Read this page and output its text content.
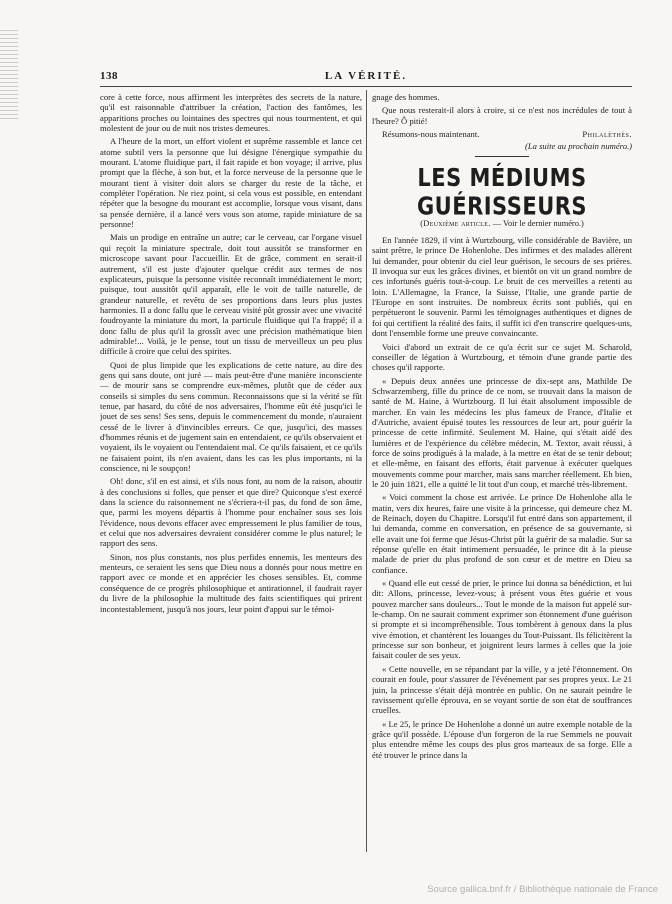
138	LA VÉRITÉ.

core à cette force, nous affirment les interprètes des secrets de la nature, qu'il est raisonnable d'attribuer la création, l'action des fantômes, les apparitions proches ou lointaines des spectres qui nous tourmentent, et qui molestent de jour ou de nuit nos tristes demeures.

A l'heure de la mort, un effort violent et suprême rassemble et lance cet atome subtil vers la personne que lui désigne l'énergique sympathie du mourant. L'atome fluidique part, il fait rapide et bon voyage; il arrive, plus prompt que la flèche, à son but, et la force nerveuse de la personne que le mourant tient à visiter doit alors se charger du reste de la tâche, et compléter l'opération. Ne riez point, si cela vous est possible, en entendant répéter que la besogne du mourant est accomplie, lorsque vous visant, dans sa pensée dernière, il a lancé vers vous son atome, rapide miniature de sa personne!

Mais un prodige en entraîne un autre; car le cerveau, car l'organe visuel qui reçoit la miniature spectrale, doit tout aussitôt se transformer en microscope savant pour l'accueillir. Et de grâce, comment en serait-il autrement, s'il est juste d'ajouter quelque crédit aux termes de nos explicateurs, puisque la personne visitée reconnaît immédiatement le mort; puisque, tout aussitôt qu'il apparaît, elle le voit de taille naturelle, de grandeur naturelle, et revêtu de ses proportions dans leurs plus justes harmonies. Il a donc fallu que le cerveau visité pût grossir avec une vivacité foudroyante la miniature du mort, la particule fluidique qui l'a frappé; il a donc fallu de plus qu'il la grossît avec une précision mathématique bien admirable!... Voilà, je le pense, tout un tissu de merveilleux un peu plus difficile à croire que celui des spirites.

Quoi de plus limpide que les explications de cette nature, au dire des gens qui sans doute, ont juré — mais peut-être d'une manière inconsciente — de mourir sans se comprendre eux-mêmes, plutôt que de céder aux conseils si simples du sens commun. Reconnaissons que si la vérité se fût tenue, par hasard, du côté de nos adversaires, l'homme eût été jusqu'ici le jouet de ses sens! Ses sens, depuis le commencement du monde, n'auraient cessé de le livrer à d'invincibles erreurs. Ce que, jusqu'ici, des masses d'hommes réunis et de jugement sain en entendaient, ce qu'ils observaient et voyaient, ils le voyaient ou l'entendaient mal. Ce qu'ils faisaient, et ce qu'ils ne faisaient point, ils n'en avaient, dans les cas les plus importants, ni la conscience, ni le soupçon!

Oh! donc, s'il en est ainsi, et s'ils nous font, au nom de la raison, aboutir à des conclusions si folles, que penser et que dire? Quiconque s'est exercé dans la science du raisonnement ne s'écriera-t-il pas, du fond de son âme, que, parmi les moyens départis à l'homme pour enchaîner sous ses lois l'évidence, nous devons effacer avec empressement le plus familier de tous, et celui que nos adversaires devraient considérer comme le plus naturel; le rapport des sens.

Sinon, nos plus constants, nos plus perfides ennemis, les menteurs des menteurs, ce seraient les sens que Dieu nous a donnés pour nous mettre en rapport avec ce monde et en apprécier les choses sensibles. Et, comme conséquence de ce progrès philosophique et antirationnel, il faudrait rayer du livre de la philosophie la multitude des faits scientifiques qui prirent incontestablement, jusqu'à nos jours, leur point d'appui sur le témoi-

gnage des hommes.

Que nous resterait-il alors à croire, si ce n'est nos incrédules de tout à l'heure? Ô pitié!

Résumons-nous maintenant.	Philalèthès.
(La suite au prochain numéro.)
LES MÉDIUMS GUÉRISSEURS
(Deuxième article. — Voir le dernier numéro.)

En l'année 1829, il vint à Wurtzbourg, ville considérable de Bavière, un saint prêtre, le prince De Hohenlohe. Des infirmes et des malades allèrent lui demander, pour obtenir du ciel leur guérison, le secours de ses prières. Il invoqua sur eux les grâces divines, et bientôt on vit un grand nombre de ces infortunés guéris tout-à-coup. Le bruit de ces merveilles a retenti au loin. L'Allemagne, la France, la Suisse, l'Italie, une grande partie de l'Europe en sont instruites. De nombreux écrits sont publiés, qui en perpétueront le souvenir. Parmi les témoignages authentiques et dignes de foi qui certifient la réalité des faits, il suffit ici d'en transcrire quelques-uns, dont l'ensemble forme une preuve convaincante.

Voici d'abord un extrait de ce qu'a écrit sur ce sujet M. Scharold, conseiller de légation à Wurtzbourg, et témoin d'une grande partie des choses qu'il rapporte.

« Depuis deux années une princesse de dix-sept ans, Mathilde De Schwarzemberg, fille du prince de ce nom, se trouvait dans la maison de santé de M. Haine, à Wurtzbourg. Il lui était absolument impossible de marcher. En vain les médecins les plus fameux de France, d'Italie et d'Autriche, avaient épuisé toutes les ressources de leur art, pour guérir la princesse de cette infirmité. Seulement M. Haine, qui s'était aidé des lumières et de l'expérience du célèbre médecin, M. Textor, avait réussi, à force de soins prodigués à la malade, à la mettre en état de se tenir debout; et elle-même, en faisant des efforts, était parvenue à exécuter quelques mouvements comme pour marcher, mais sans marcher réellement. Eh bien, le 20 juin 1821, elle a quitté le lit tout d'un coup, et marché très-librement.

« Voici comment la chose est arrivée. Le prince De Hohenlohe alla le matin, vers dix heures, faire une visite à la princesse, qui demeure chez M. de Reinach, doyen du Chapitre. Lorsqu'il fut entré dans son appartement, il lui demanda, comme en conversation, en présence de sa gouvernante, si elle avait une foi ferme que Jésus-Christ pût la guérir de sa maladie. Sur sa réponse qu'elle en était intimement persuadée, le prince dit à la pieuse malade de prier du plus profond de son cœur et de mettre en Dieu sa confiance.

« Quand elle eut cessé de prier, le prince lui donna sa bénédiction, et lui dit: Allons, princesse, levez-vous; à présent vous êtes guérie et vous pouvez marcher sans douleurs... Tout le monde de la maison fut appelé sur-le-champ. On ne saurait comment exprimer son étonnement d'une guérison si prompte et si incompréhensible. Tous tombèrent à genoux dans la plus vive émotion, et chantèrent les louanges du Tout-Puissant. Ils félicitèrent la princesse sur son bonheur, et joignirent leurs larmes à celles que la joie faisait couler de ses yeux.

« Cette nouvelle, en se répandant par la ville, y a jeté l'étonnement. On courait en foule, pour s'assurer de l'événement par ses propres yeux. Le 21 juin, la princesse s'était déjà montrée en public. On ne saurait peindre le ravissement qu'elle éprouva, en se voyant sortie de son état de souffrances cruelles.

« Le 25, le prince De Hohenlohe a donné un autre exemple notable de la grâce qu'il possède. L'épouse d'un forgeron de la rue Semmels ne pouvait plus entendre même les coups des plus gros marteaux de sa forge. Elle a été trouver le prince dans la

Source gallica.bnf.fr / Bibliothèque nationale de France
